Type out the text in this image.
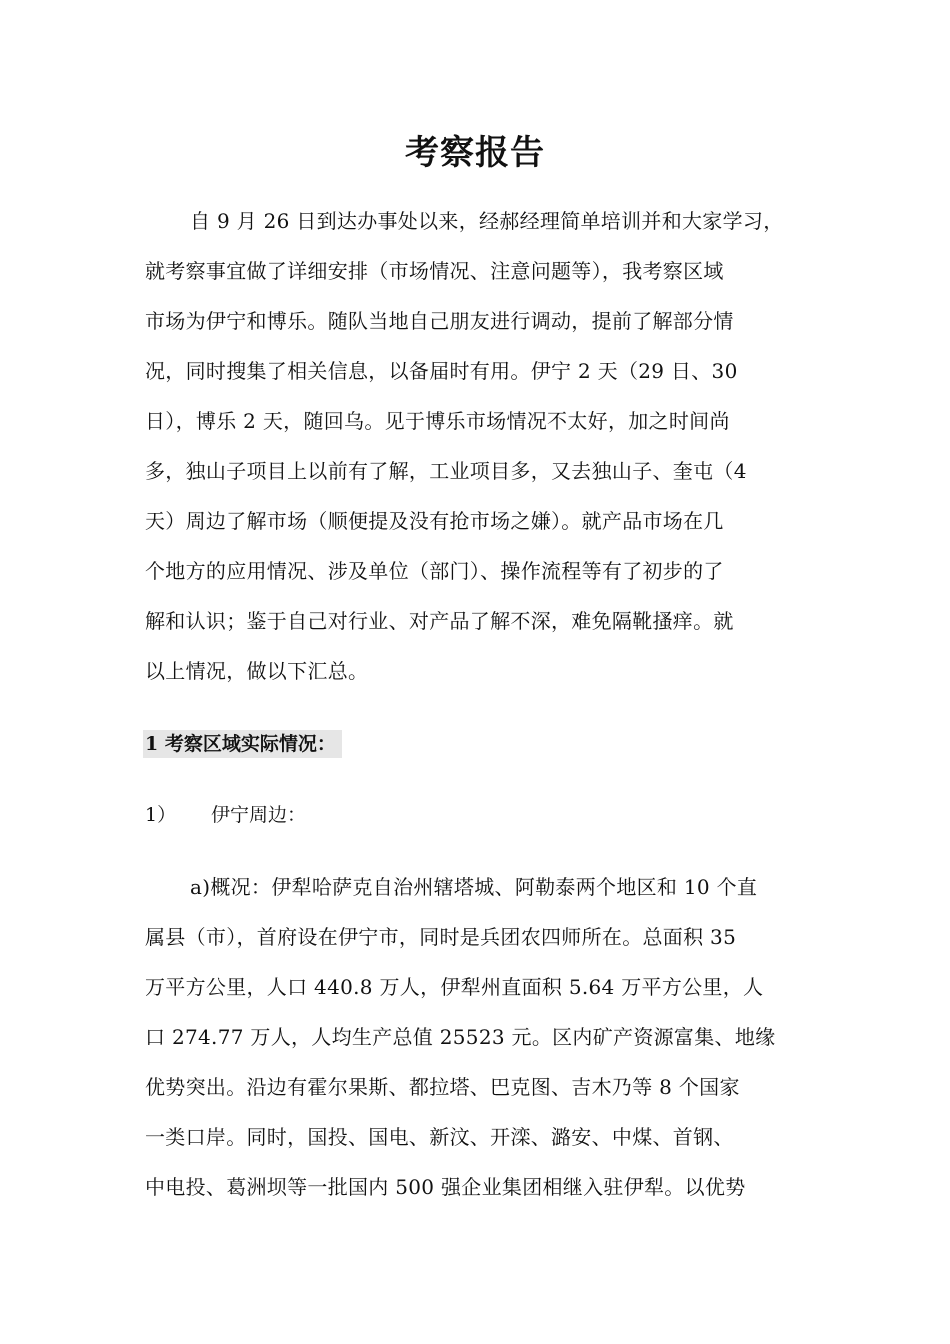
考察报告
自 9 月 26 日到达办事处以来，经郝经理简单培训并和大家学习，
就考察事宜做了详细安排（市场情况、注意问题等），我考察区域
市场为伊宁和博乐。随队当地自己朋友进行调动，提前了解部分情
况，同时搜集了相关信息，以备届时有用。伊宁 2 天（29 日、30
日），博乐 2 天，随回乌。见于博乐市场情况不太好，加之时间尚
多，独山子项目上以前有了解，工业项目多，又去独山子、奎屯（4
天）周边了解市场（顺便提及没有抢市场之嫌）。就产品市场在几
个地方的应用情况、涉及单位（部门）、操作流程等有了初步的了
解和认识；鉴于自己对行业、对产品了解不深，难免隔靴搔痒。就
以上情况，做以下汇总。
1 考察区域实际情况：
1） 伊宁周边：
a)概况：伊犁哈萨克自治州辖塔城、阿勒泰两个地区和 10 个直
属县（市），首府设在伊宁市，同时是兵团农四师所在。总面积 35
万平方公里，人口 440.8 万人，伊犁州直面积 5.64 万平方公里，人
口 274.77 万人，人均生产总值 25523 元。区内矿产资源富集、地缘
优势突出。沿边有霍尔果斯、都拉塔、巴克图、吉木乃等 8 个国家
一类口岸。同时，国投、国电、新汶、开滦、潞安、中煤、首钢、
中电投、葛洲坝等一批国内 500 强企业集团相继入驻伊犁。以优势
